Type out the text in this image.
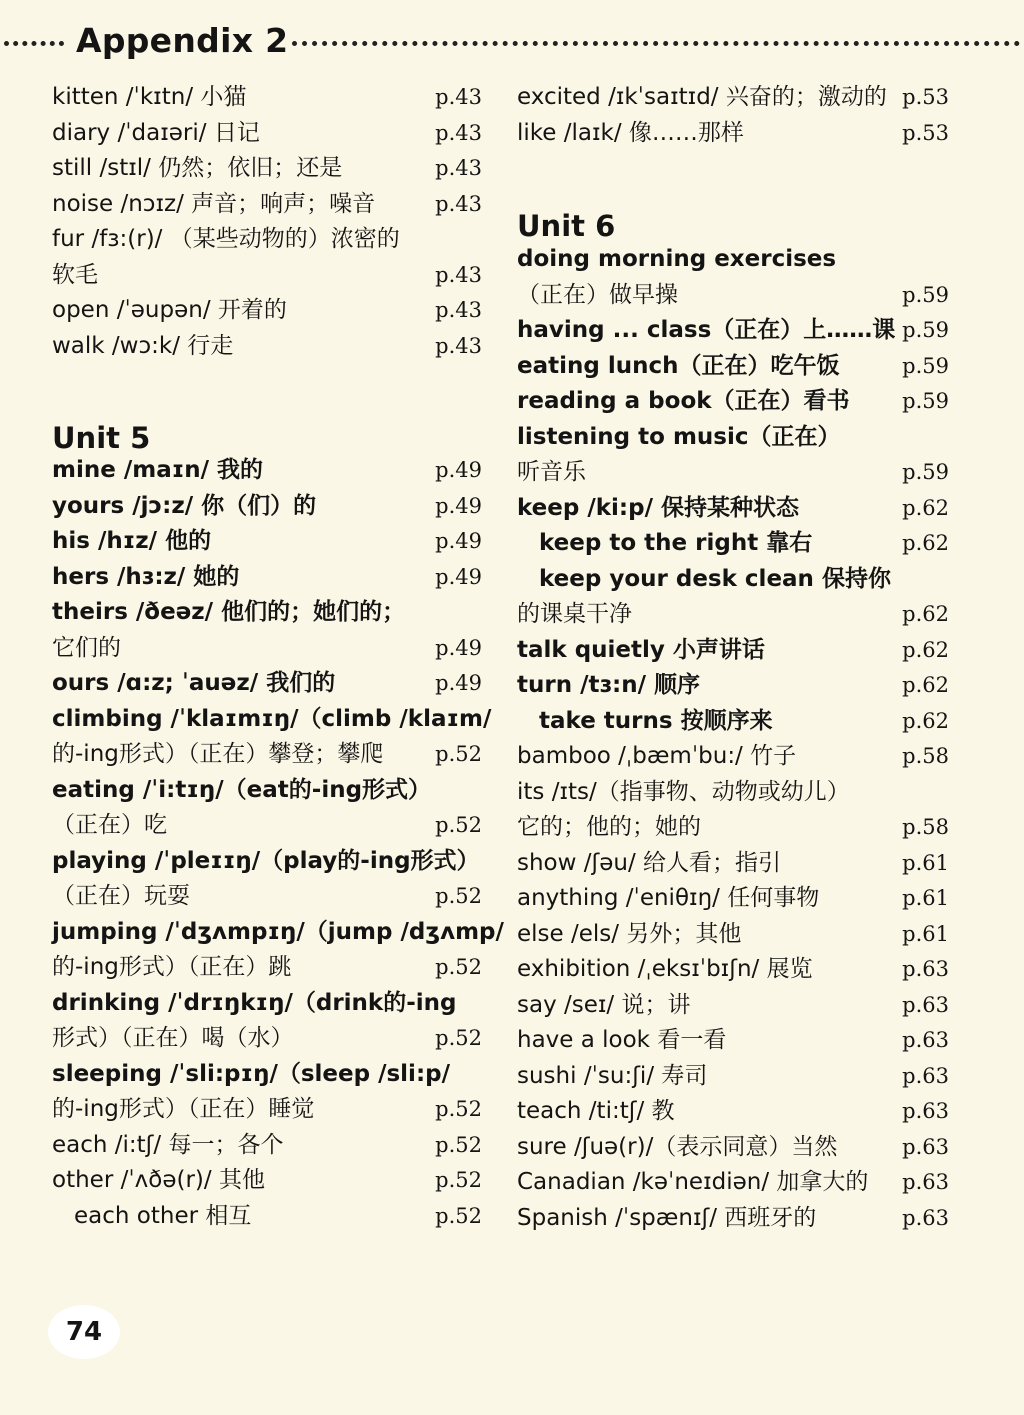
Appendix 2
74
kitten /ˈkɪtn/ 小猫	p.43
diary /ˈdaɪəri/ 日记	p.43
still /stɪl/ 仍然；依旧；还是	p.43
noise /nɔɪz/ 声音；响声；噪音	p.43
fur /fɜ:(r)/ （某些动物的）浓密的
软毛	p.43
open /ˈəupən/ 开着的	p.43
walk /wɔ:k/ 行走	p.43
Unit 5
mine /maɪn/ 我的	p.49
yours /jɔ:z/ 你（们）的	p.49
his /hɪz/ 他的	p.49
hers /hɜ:z/ 她的	p.49
theirs /ðeəz/ 他们的；她们的；
它们的	p.49
ours /ɑ:z; ˈauəz/ 我们的	p.49
climbing /ˈklaɪmɪŋ/（climb /klaɪm/
的-ing形式）（正在）攀登；攀爬 p.52
eating /ˈi:tɪŋ/（eat的-ing形式）
（正在）吃	p.52
playing /ˈpleɪɪŋ/（play的-ing形式）
（正在）玩耍	p.52
jumping /ˈdʒʌmpɪŋ/（jump /dʒʌmp/
的-ing形式）（正在）跳	p.52
drinking /ˈdrɪŋkɪŋ/（drink的-ing
形式）（正在）喝（水）	p.52
sleeping /ˈsli:pɪŋ/（sleep /sli:p/
的-ing形式）（正在）睡觉	p.52
each /i:tʃ/ 每一；各个	p.52
other /ˈʌðə(r)/ 其他	p.52
each other 相互	p.52
excited /ɪkˈsaɪtɪd/ 兴奋的；激动的 p.53
like /laɪk/ 像……那样	p.53
Unit 6
doing morning exercises
（正在）做早操	p.59
having ... class（正在）上……课 p.59
eating lunch（正在）吃午饭	p.59
reading a book（正在）看书	p.59
listening to music（正在）
听音乐	p.59
keep /ki:p/ 保持某种状态	p.62
keep to the right 靠右	p.62
keep your desk clean 保持你
的课桌干净	p.62
talk quietly 小声讲话	p.62
turn /tɜ:n/ 顺序	p.62
take turns 按顺序来	p.62
bamboo /ˌbæmˈbu:/ 竹子	p.58
its /ɪts/（指事物、动物或幼儿）
它的；他的；她的	p.58
show /ʃəu/ 给人看；指引	p.61
anything /ˈeniθɪŋ/ 任何事物	p.61
else /els/ 另外；其他	p.61
exhibition /ˌeksɪˈbɪʃn/ 展览	p.63
say /seɪ/ 说；讲	p.63
have a look 看一看	p.63
sushi /ˈsu:ʃi/ 寿司	p.63
teach /ti:tʃ/ 教	p.63
sure /ʃuə(r)/（表示同意）当然	p.63
Canadian /kəˈneɪdiən/ 加拿大的 p.63
Spanish /ˈspænɪʃ/ 西班牙的	p.63
